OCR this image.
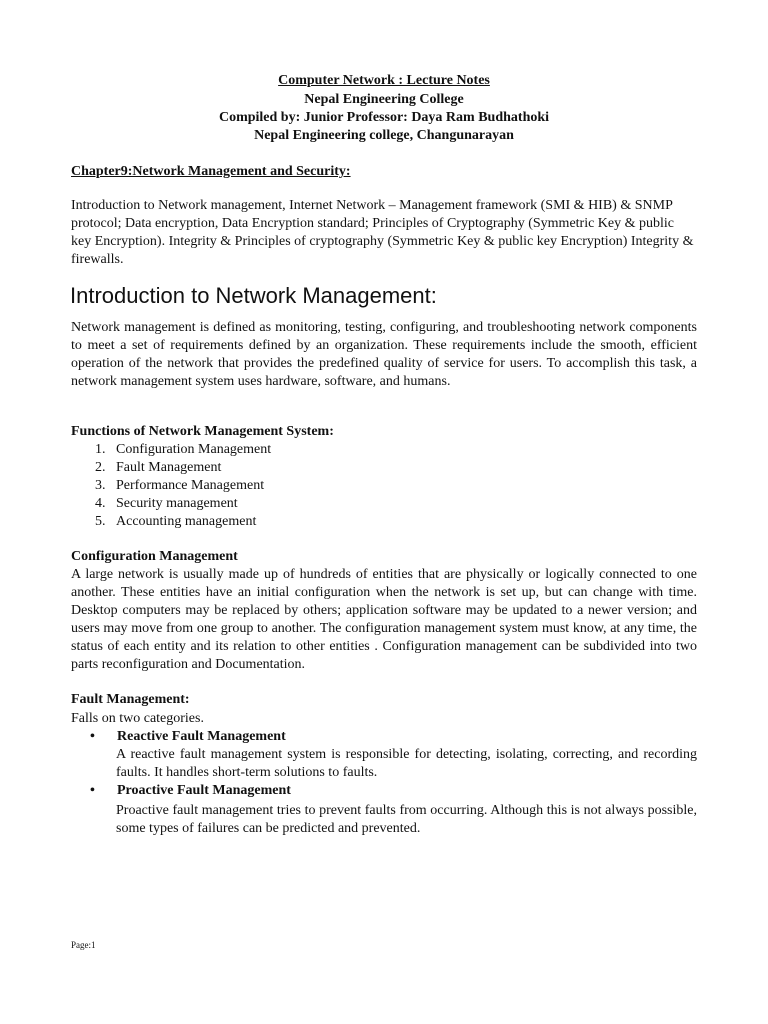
Computer Network : Lecture Notes
Nepal Engineering College
Compiled by: Junior Professor: Daya Ram Budhathoki
Nepal Engineering college, Changunarayan
Chapter9:Network Management and Security:

Introduction to Network management, Internet Network – Management framework (SMI & HIB) & SNMP protocol; Data encryption, Data Encryption standard; Principles of Cryptography (Symmetric Key & public key Encryption). Integrity & Principles of cryptography (Symmetric Key & public key Encryption) Integrity & firewalls.

Introduction to Network Management:

Network management is defined as monitoring, testing, configuring, and troubleshooting network components to meet a set of requirements defined by an organization. These requirements include the smooth, efficient operation of the network that provides the predefined quality of service for users. To accomplish this task, a network management system uses hardware, software, and humans.

Functions of Network Management System:
1. Configuration Management
2. Fault Management
3. Performance Management
4. Security management
5. Accounting management
Configuration Management

A large network is usually made up of hundreds of entities that are physically or logically connected to one another. These entities have an initial configuration when the network is set up, but can change with time. Desktop computers may be replaced by others; application software may be updated to a newer version; and users may move from one group to another. The configuration management system must know, at any time, the status of each entity and its relation to other entities . Configuration management can be subdivided into two parts reconfiguration and Documentation.

Fault Management:

Falls on two categories.

• Reactive Fault Management

A reactive fault management system is responsible for detecting, isolating, correcting, and recording faults. It handles short-term solutions to faults.

• Proactive Fault Management

Proactive fault management tries to prevent faults from occurring. Although this is not always possible, some types of failures can be predicted and prevented.

Page:1
